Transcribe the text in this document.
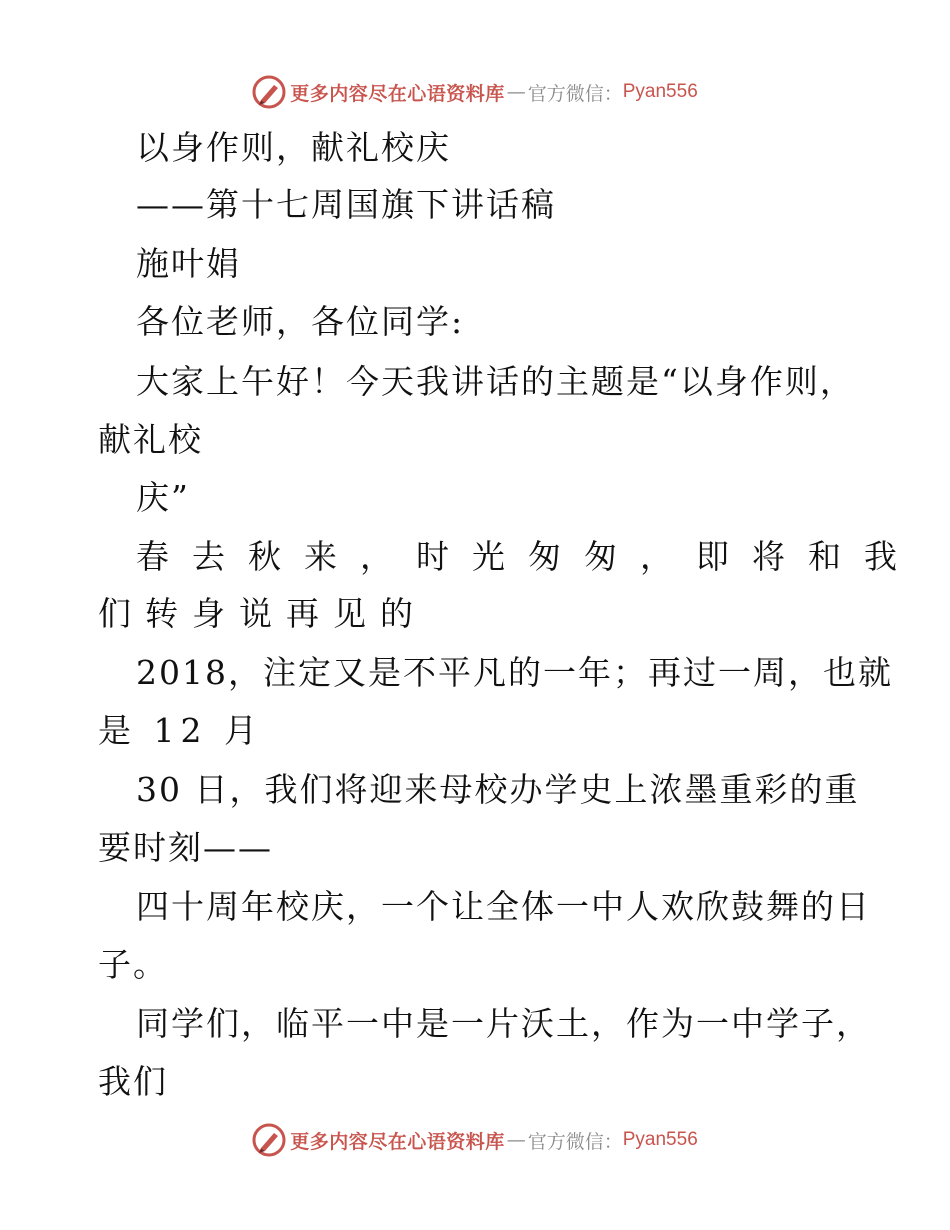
更多内容尽在心语资料库 — 官方微信： Pyan556
以身作则，献礼校庆
——第十七周国旗下讲话稿
施叶娟
各位老师，各位同学:
大家上午好！今天我讲话的主题是“以身作则，
献礼校
庆”
春去秋来，时光匆匆，即将和我
们转身说再见的
2018，注定又是不平凡的一年；再过一周，也就
是 12 月
30 日，我们将迎来母校办学史上浓墨重彩的重
要时刻——
四十周年校庆，一个让全体一中人欢欣鼓舞的日
子。
同学们，临平一中是一片沃土，作为一中学子，
我们
更多内容尽在心语资料库 — 官方微信： Pyan556
